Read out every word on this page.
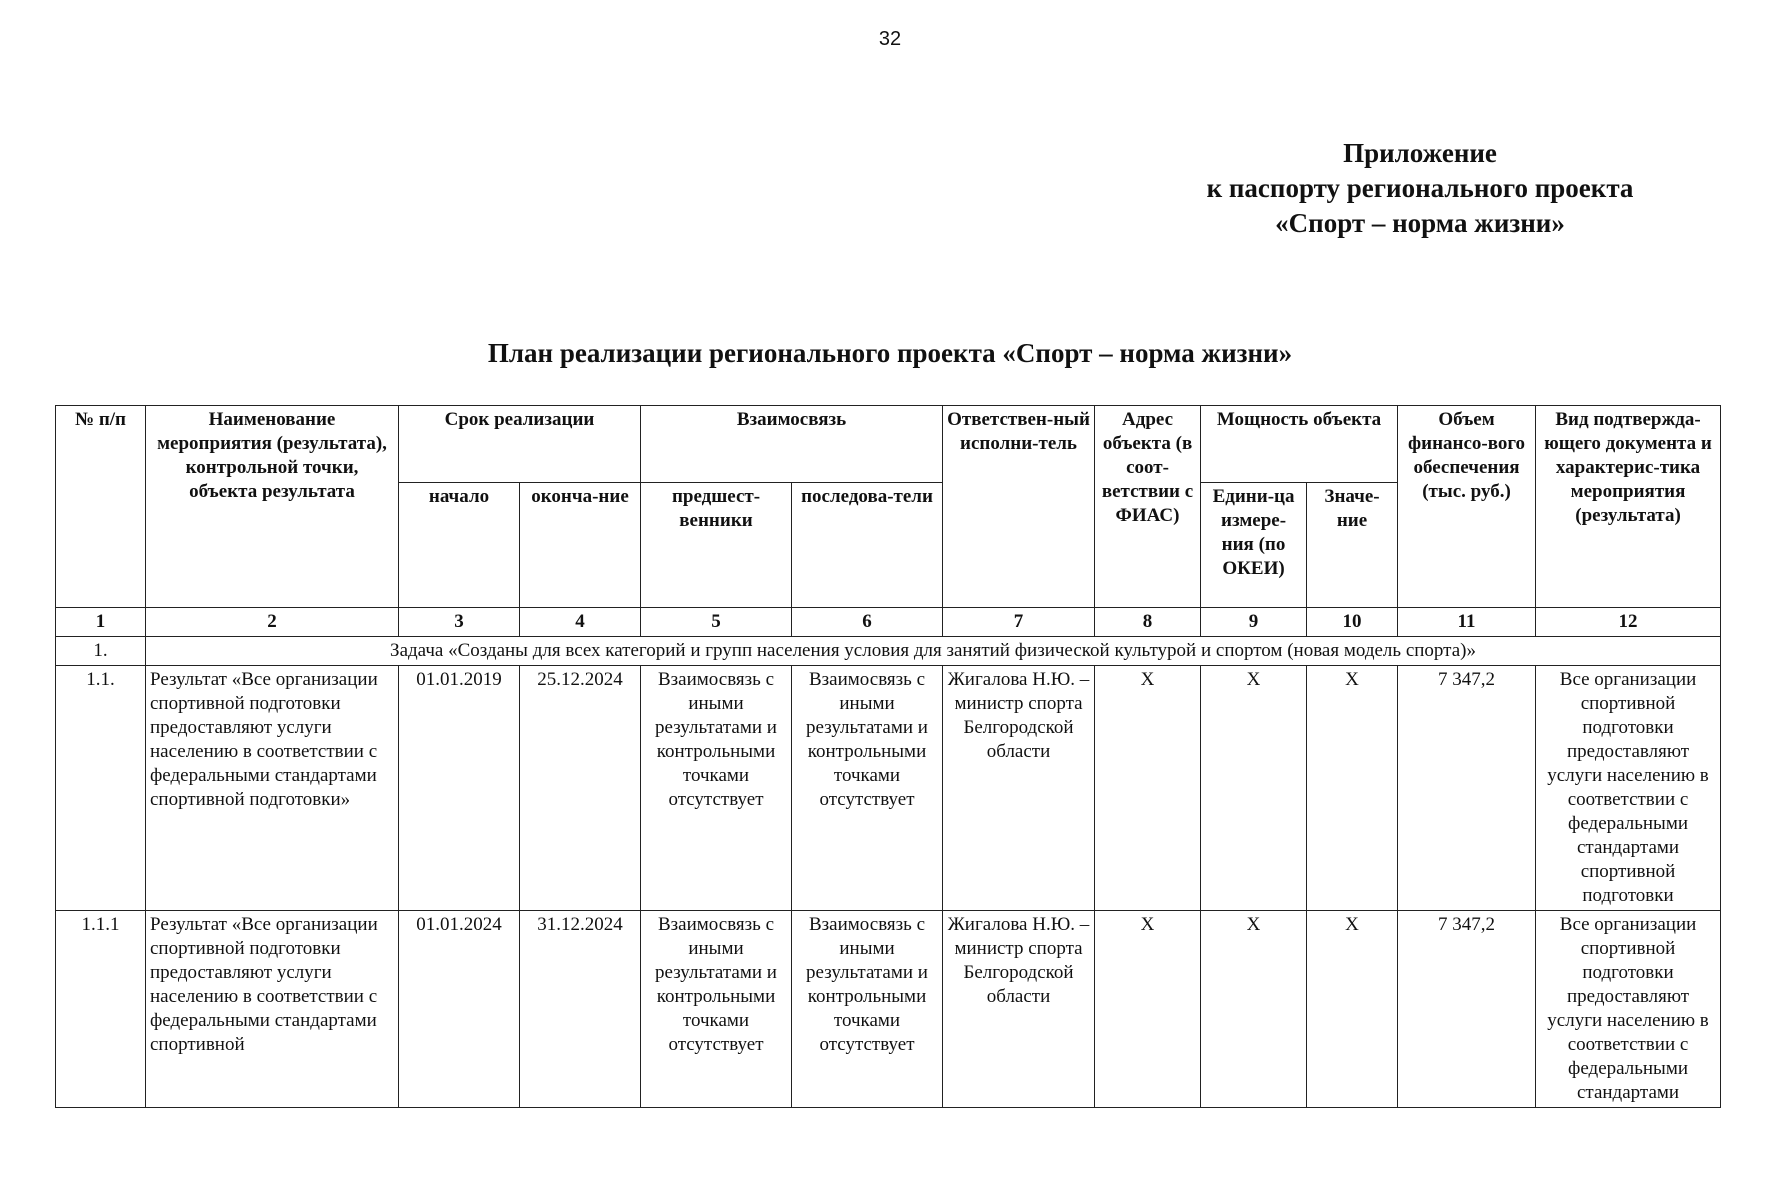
32
Приложение
к паспорту регионального проекта
«Спорт – норма жизни»
План реализации регионального проекта «Спорт – норма жизни»
№ п/п	Наименование мероприятия (результата), контрольной точки, объекта результата	Срок реализации		Взаимосвязь		Ответствен-ный исполни-тель	Адрес объекта (в соот-ветствии с ФИАС)	Мощность объекта		Объем финансо-вого обеспечения (тыс. руб.)	Вид подтвержда-ющего документа и характерис-тика мероприятия (результата)
		начало	оконча-ние	предшест-венники	последова-тели			Едини-ца измере-ния (по ОКЕИ)	Значе-ние		
1	2	3	4	5	6	7	8	9	10	11	12
1.	Задача «Созданы для всех категорий и групп населения условия для занятий физической культурой и спортом (новая модель спорта)»										
1.1.	Результат «Все организации спортивной подготовки предоставляют услуги населению в соответствии с федеральными стандартами спортивной подготовки»	01.01.2019	25.12.2024	Взаимосвязь с иными результатами и контрольными точками отсутствует	Взаимосвязь с иными результатами и контрольными точками отсутствует	Жигалова Н.Ю. – министр спорта Белгородской области	X	X	X	7 347,2	Все организации спортивной подготовки предоставляют услуги населению в соответствии с федеральными стандартами спортивной подготовки
1.1.1	Результат «Все организации спортивной подготовки предоставляют услуги населению в соответствии с федеральными стандартами спортивной	01.01.2024	31.12.2024	Взаимосвязь с иными результатами и контрольными точками отсутствует	Взаимосвязь с иными результатами и контрольными точками отсутствует	Жигалова Н.Ю. – министр спорта Белгородской области	X	X	X	7 347,2	Все организации спортивной подготовки предоставляют услуги населению в соответствии с федеральными стандартами
